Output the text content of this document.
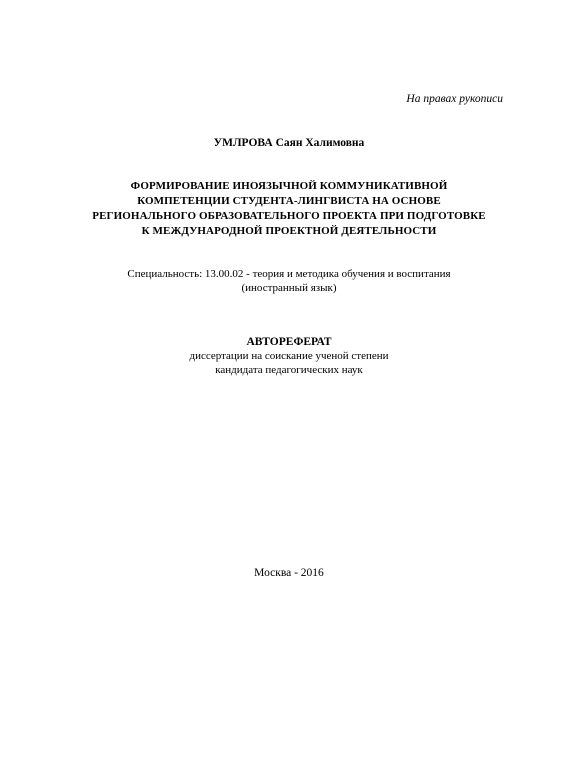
На правах рукописи
УМЛРОВА Саян Халимовна
ФОРМИРОВАНИЕ ИНОЯЗЫЧНОЙ КОММУНИКАТИВНОЙ
КОМПЕТЕНЦИИ СТУДЕНТА-ЛИНГВИСТА НА ОСНОВЕ
РЕГИОНАЛЬНОГО ОБРАЗОВАТЕЛЬНОГО ПРОЕКТА ПРИ ПОДГОТОВКЕ
К МЕЖДУНАРОДНОЙ ПРОЕКТНОЙ ДЕЯТЕЛЬНОСТИ
Специальность: 13.00.02 - теория и методика обучения и воспитания
(иностранный язык)
АВТОРЕФЕРАТ
диссертации на соискание ученой степени
кандидата педагогических наук
Москва - 2016
